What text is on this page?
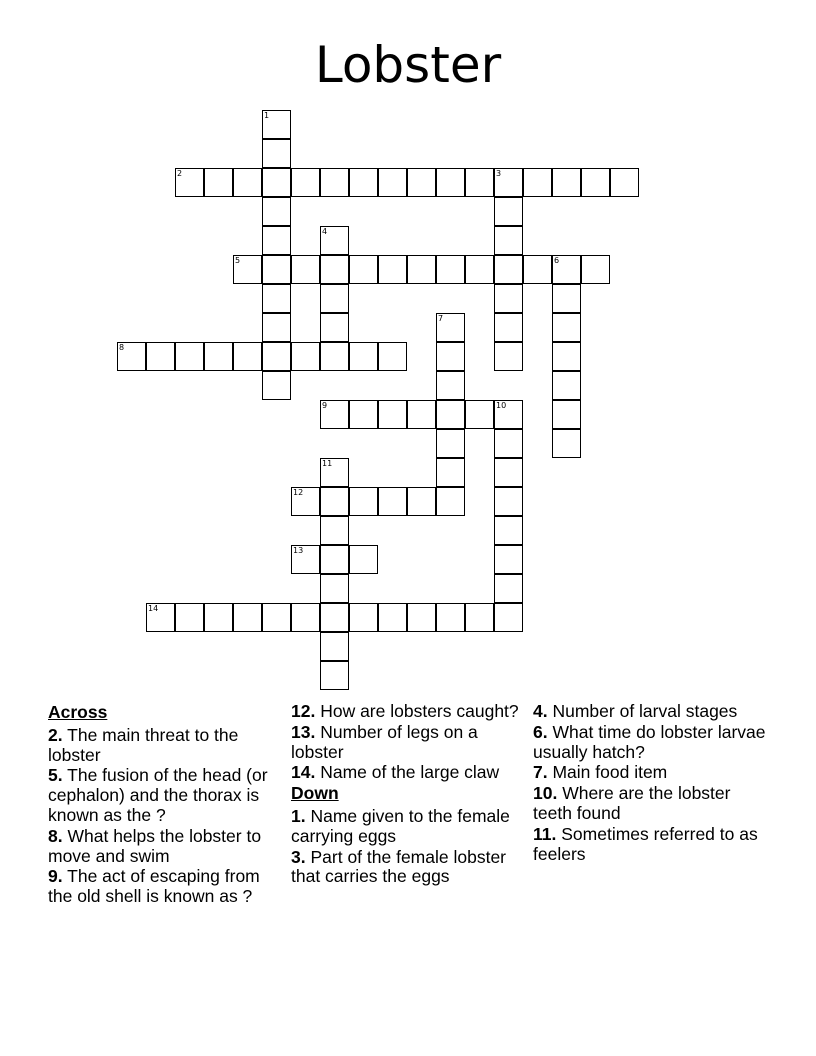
Lobster
1
2	3
4
5	6
7
8
9	10
11
12
13
14
Across
2. The main threat to the lobster
5. The fusion of the head (or cephalon) and the thorax is known as the ?
8. What helps the lobster to move and swim
9. The act of escaping from the old shell is known as ?
12. How are lobsters caught?
13. Number of legs on a lobster
14. Name of the large claw
Down
1. Name given to the female carrying eggs
3. Part of the female lobster that carries the eggs
4. Number of larval stages
6. What time do lobster larvae usually hatch?
7. Main food item
10. Where are the lobster teeth found
11. Sometimes referred to as feelers
